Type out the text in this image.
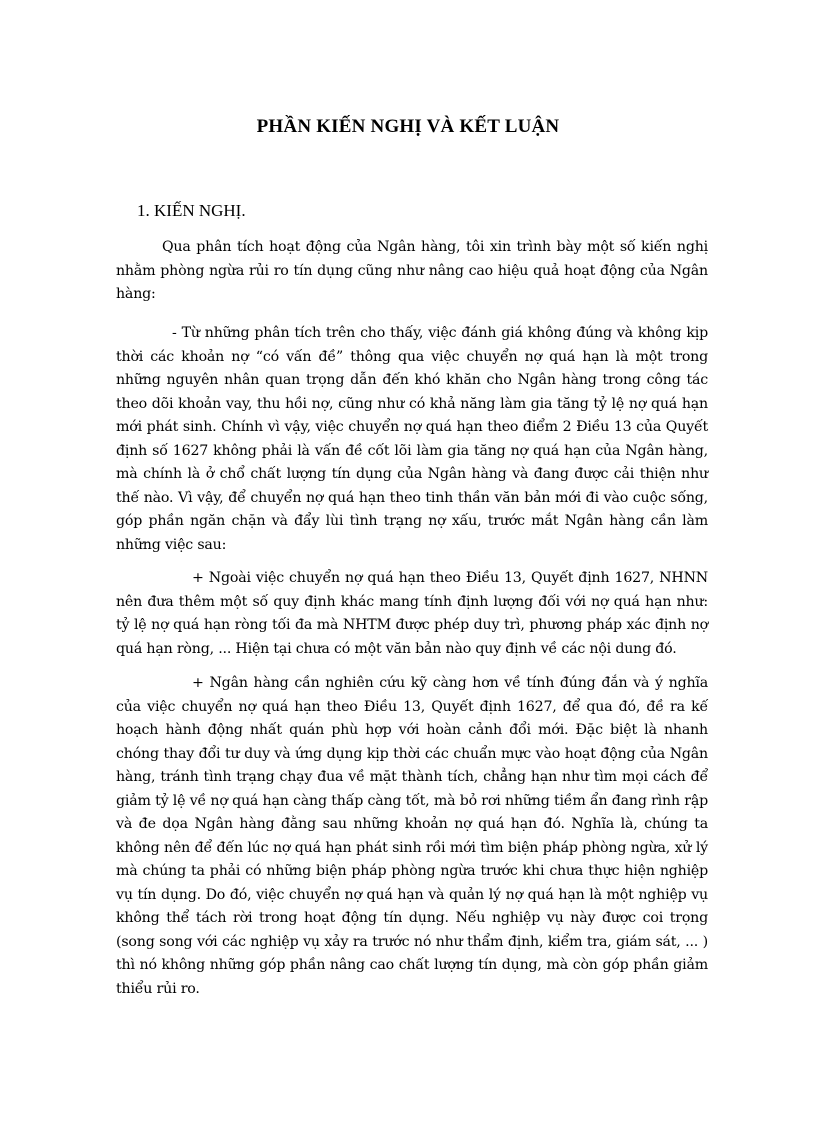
PHẦN KIẾN NGHỊ VÀ KẾT LUẬN
1. KIẾN NGHỊ.

Qua phân tích hoạt động của Ngân hàng, tôi xin trình bày một số kiến nghị nhằm phòng ngừa rủi ro tín dụng cũng như nâng cao hiệu quả hoạt động của Ngân hàng:

- Từ những phân tích trên cho thấy, việc đánh giá không đúng và không kịp thời các khoản nợ “có vấn đề” thông qua việc chuyển nợ quá hạn là một trong những nguyên nhân quan trọng dẫn đến khó khăn cho Ngân hàng trong công tác theo dõi khoản vay, thu hồi nợ, cũng như có khả năng làm gia tăng tỷ lệ nợ quá hạn mới phát sinh. Chính vì vậy, việc chuyển nợ quá hạn theo điểm 2 Điều 13 của Quyết định số 1627 không phải là vấn đề cốt lõi làm gia tăng nợ quá hạn của Ngân hàng, mà chính là ở chổ chất lượng tín dụng của Ngân hàng và đang được cải thiện như thế nào. Vì vậy, để chuyển nợ quá hạn theo tinh thần văn bản mới đi vào cuộc sống, góp phần ngăn chặn và đẩy lùi tình trạng nợ xấu, trước mắt Ngân hàng cần làm những việc sau:

+ Ngoài việc chuyển nợ quá hạn theo Điều 13, Quyết định 1627, NHNN nên đưa thêm một số quy định khác mang tính định lượng đối với nợ quá hạn như: tỷ lệ nợ quá hạn ròng tối đa mà NHTM được phép duy trì, phương pháp xác định nợ quá hạn ròng, ... Hiện tại chưa có một văn bản nào quy định về các nội dung đó.

+ Ngân hàng cần nghiên cứu kỹ càng hơn về tính đúng đắn và ý nghĩa của việc chuyển nợ quá hạn theo Điều 13, Quyết định 1627, để qua đó, đề ra kế hoạch hành động nhất quán phù hợp với hoàn cảnh đổi mới. Đặc biệt là nhanh chóng thay đổi tư duy và ứng dụng kịp thời các chuẩn mực vào hoạt động của Ngân hàng, tránh tình trạng chạy đua về mặt thành tích, chẳng hạn như tìm mọi cách để giảm tỷ lệ về nợ quá hạn càng thấp càng tốt, mà bỏ rơi những tiềm ẩn đang rình rập và đe dọa Ngân hàng đằng sau những khoản nợ quá hạn đó. Nghĩa là, chúng ta không nên để đến lúc nợ quá hạn phát sinh rồi mới tìm biện pháp phòng ngừa, xử lý mà chúng ta phải có những biện pháp phòng ngừa trước khi chưa thực hiện nghiệp vụ tín dụng. Do đó, việc chuyển nợ quá hạn và quản lý nợ quá hạn là một nghiệp vụ không thể tách rời trong hoạt động tín dụng. Nếu nghiệp vụ này được coi trọng (song song với các nghiệp vụ xảy ra trước nó như thẩm định, kiểm tra, giám sát, ... ) thì nó không những góp phần nâng cao chất lượng tín dụng, mà còn góp phần giảm thiểu rủi ro.
